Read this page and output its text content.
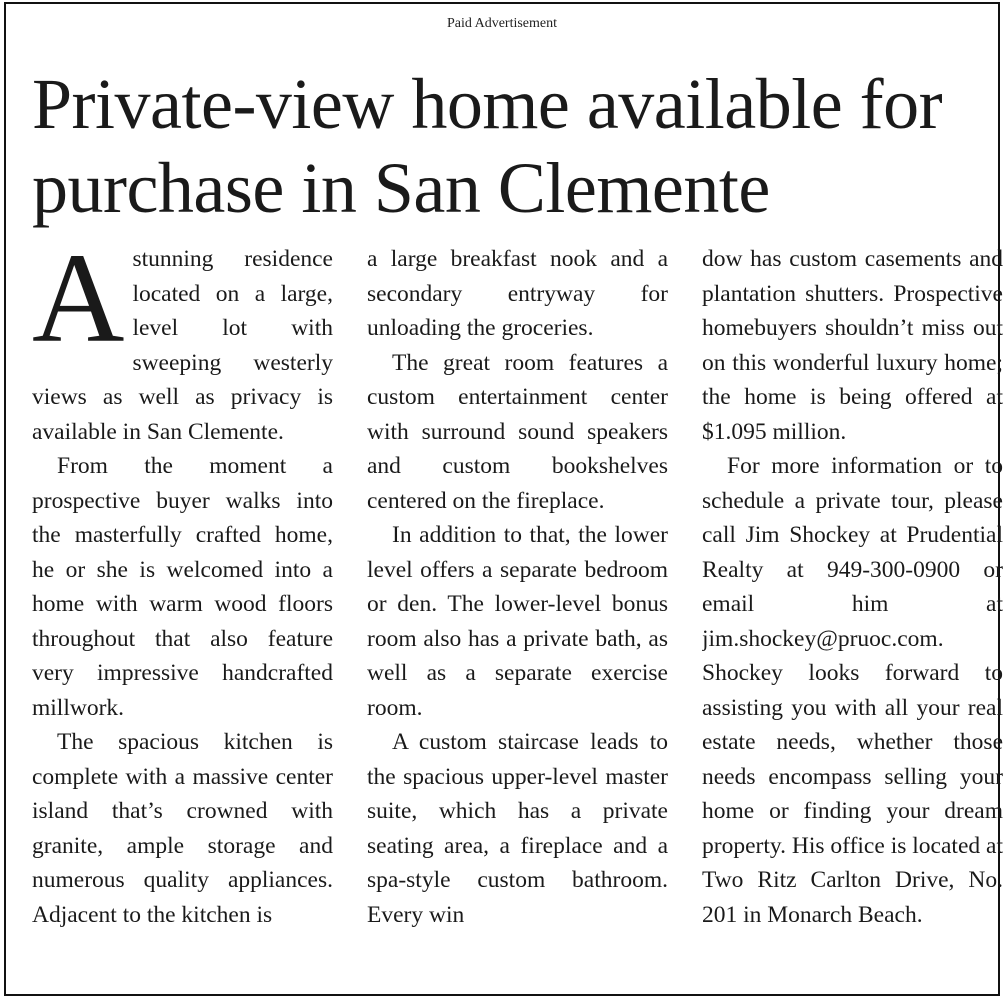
Paid Advertisement
Private-view home available for purchase in San Clemente

A stunning residence located on a large, level lot with sweeping westerly views as well as privacy is available in San Clemente.

From the moment a prospective buyer walks into the masterfully crafted home, he or she is welcomed into a home with warm wood floors throughout that also feature very impressive handcrafted millwork.

The spacious kitchen is complete with a massive center island that’s crowned with granite, ample storage and numerous quality appliances. Adjacent to the kitchen is

a large breakfast nook and a secondary entryway for unloading the groceries.

The great room features a custom entertainment center with surround sound speakers and custom bookshelves centered on the fireplace.

In addition to that, the lower level offers a separate bedroom or den. The lower-level bonus room also has a private bath, as well as a separate exercise room.

A custom staircase leads to the spacious upper-level master suite, which has a private seating area, a fireplace and a spa-style custom bathroom. Every win

dow has custom casements and plantation shutters. Prospective homebuyers shouldn’t miss out on this wonderful luxury home; the home is being offered at $1.095 million.

For more information or to schedule a private tour, please call Jim Shockey at Prudential Realty at 949-300-0900 or email him at jim.shockey@pruoc.com. Shockey looks forward to assisting you with all your real estate needs, whether those needs encompass selling your home or finding your dream property. His office is located at Two Ritz Carlton Drive, No. 201 in Monarch Beach.
